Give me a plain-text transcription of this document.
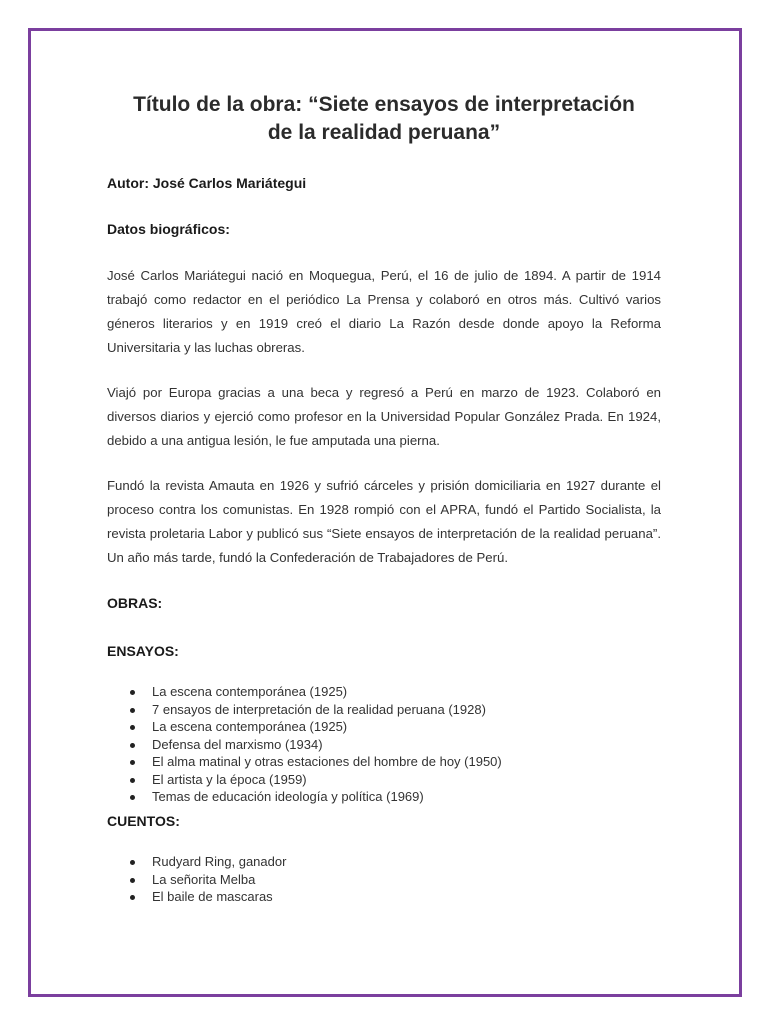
Título de la obra: “Siete ensayos de interpretación
de la realidad peruana”

Autor: José Carlos Mariátegui

Datos biográficos:

José Carlos Mariátegui nació en Moquegua, Perú, el 16 de julio de 1894. A partir de 1914 trabajó como redactor en el periódico La Prensa y colaboró en otros más. Cultivó varios géneros literarios y en 1919 creó el diario La Razón desde donde apoyo la Reforma Universitaria y las luchas obreras.

Viajó por Europa gracias a una beca y regresó a Perú en marzo de 1923. Colaboró en diversos diarios y ejerció como profesor en la Universidad Popular González Prada. En 1924, debido a una antigua lesión, le fue amputada una pierna.

Fundó la revista Amauta en 1926 y sufrió cárceles y prisión domiciliaria en 1927 durante el proceso contra los comunistas. En 1928 rompió con el APRA, fundó el Partido Socialista, la revista proletaria Labor y publicó sus “Siete ensayos de interpretación de la realidad peruana”. Un año más tarde, fundó la Confederación de Trabajadores de Perú.

OBRAS:

ENSAYOS:

La escena contemporánea (1925)
7 ensayos de interpretación de la realidad peruana (1928)
La escena contemporánea (1925)
Defensa del marxismo (1934)
El alma matinal y otras estaciones del hombre de hoy (1950)
El artista y la época (1959)
Temas de educación ideología y política (1969)

CUENTOS:

Rudyard Ring, ganador
La señorita Melba
El baile de mascaras
